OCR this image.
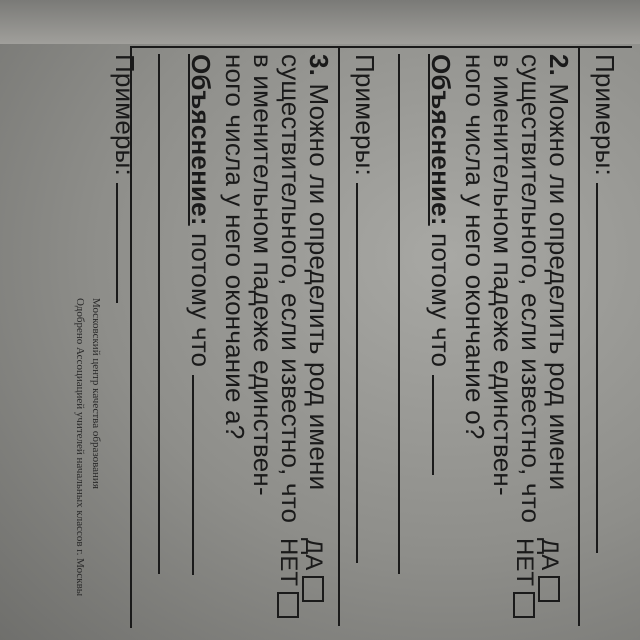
Примеры:
2. Можно ли определить род имени
существительного, если известно, что
в именительном падеже единствен-
ного числа у него окончание о?
ДА
НЕТ
Объяснение: потому что
Примеры:
3. Можно ли определить род имени
существительного, если известно, что
в именительном падеже единствен-
ного числа у него окончание а?
ДА
НЕТ
Объяснение: потому что
Примеры:
Московский центр качества образования
Одобрено Ассоциацией учителей начальных классов г. Москвы
